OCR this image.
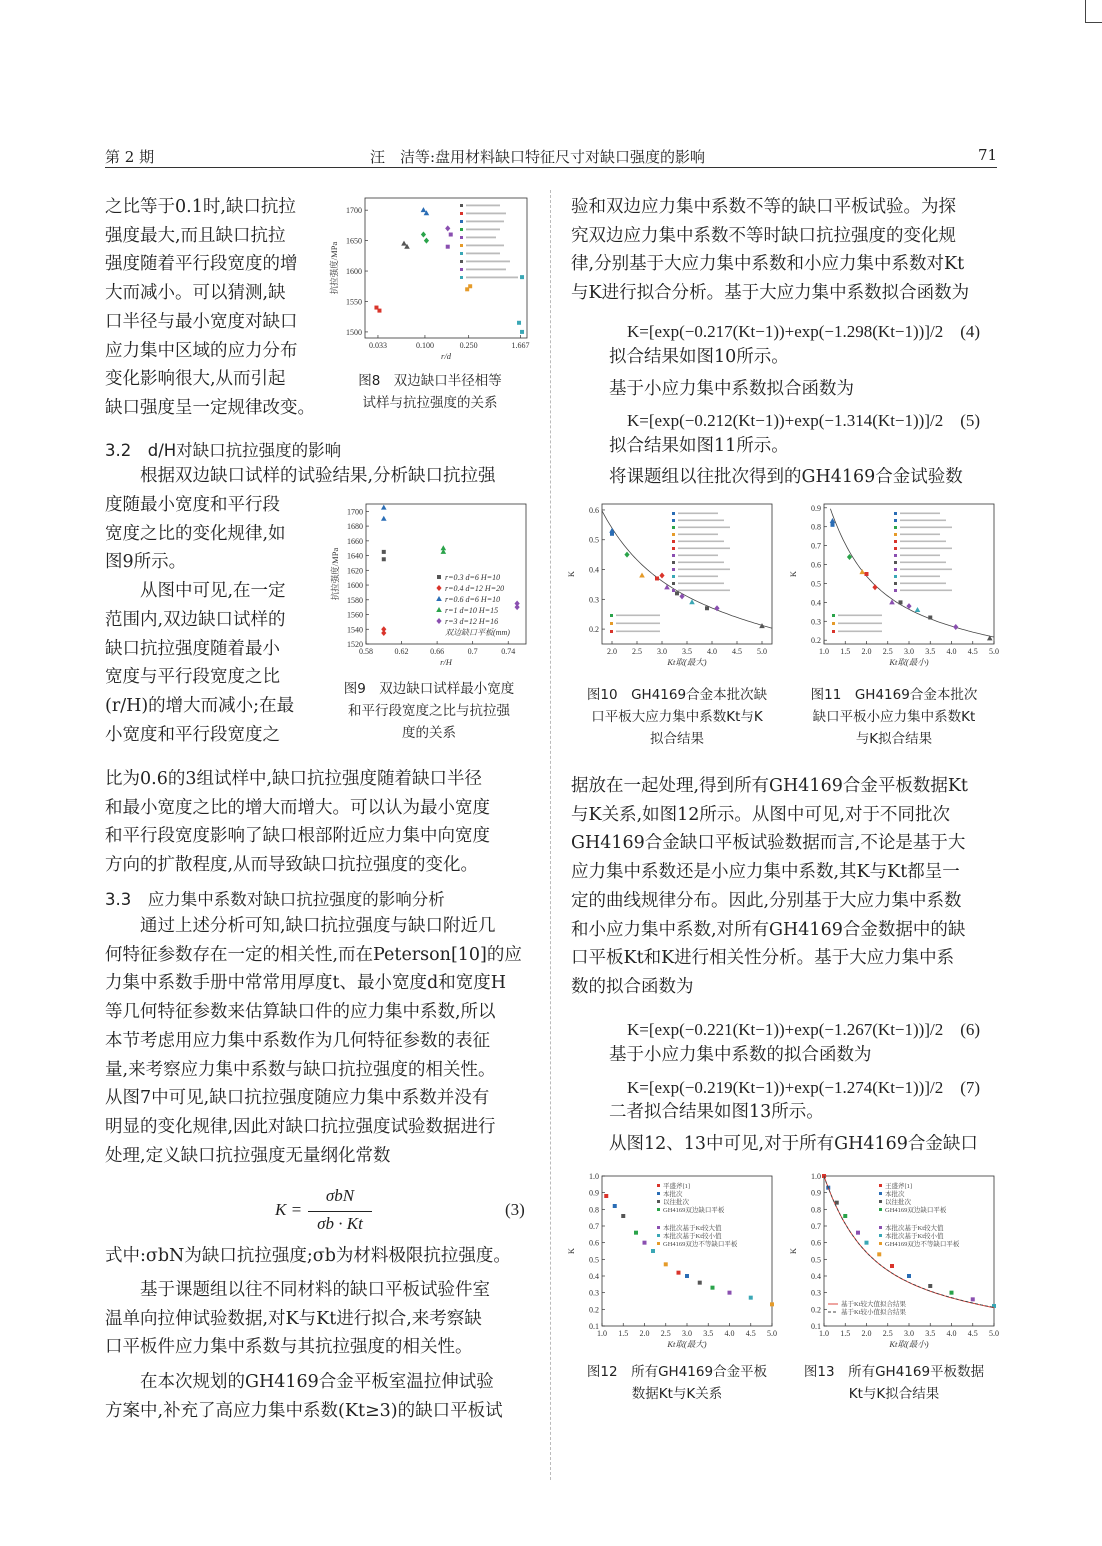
第 2 期	汪　洁等:盘用材料缺口特征尺寸对缺口强度的影响	71
之比等于0.1时,缺口抗拉
强度最大,而且缺口抗拉
强度随着平行段宽度的增
大而减小。可以猜测,缺
口半径与最小宽度对缺口
应力集中区域的应力分布
变化影响很大,从而引起
缺口强度呈一定规律改变。
0.033	0.100	0.250	1.667
1500
1550
1600
1650
1700
r/d
抗拉强度/MPa
图8　双边缺口半径相等
试样与抗拉强度的关系
3.2　d/H对缺口抗拉强度的影响
　　根据双边缺口试样的试验结果,分析缺口抗拉强
度随最小宽度和平行段
宽度之比的变化规律,如
图9所示。
　　从图中可见,在一定
范围内,双边缺口试样的
缺口抗拉强度随着最小
宽度与平行段宽度之比
(r/H)的增大而减小;在最
小宽度和平行段宽度之
0.58	0.62	0.66	0.7	0.74
1520
1540
1560
1580
1600
1620
1640
1660
1680
1700
r/H
抗拉强度/MPa	r=0.3 d=6 H=10
r=0.4 d=12 H=20
r=0.6 d=6 H=10
r=1 d=10 H=15
r=3 d=12 H=16
双边缺口平板(mm)
图9　双边缺口试样最小宽度
和平行段宽度之比与抗拉强
度的关系
比为0.6的3组试样中,缺口抗拉强度随着缺口半径
和最小宽度之比的增大而增大。可以认为最小宽度
和平行段宽度影响了缺口根部附近应力集中向宽度
方向的扩散程度,从而导致缺口抗拉强度的变化。
3.3　应力集中系数对缺口抗拉强度的影响分析
　　通过上述分析可知,缺口抗拉强度与缺口附近几
何特征参数存在一定的相关性,而在Peterson[10]的应
力集中系数手册中常常用厚度t、最小宽度d和宽度H
等几何特征参数来估算缺口件的应力集中系数,所以
本节考虑用应力集中系数作为几何特征参数的表征
量,来考察应力集中系数与缺口抗拉强度的相关性。
从图7中可见,缺口抗拉强度随应力集中系数并没有
明显的变化规律,因此对缺口抗拉强度试验数据进行
处理,定义缺口抗拉强度无量纲化常数
K =
σbN
σb · Kt
(3)
式中:σbN为缺口抗拉强度;σb为材料极限抗拉强度。
　　基于课题组以往不同材料的缺口平板试验件室
温单向拉伸试验数据,对K与Kt进行拟合,来考察缺
口平板件应力集中系数与其抗拉强度的相关性。
　　在本次规划的GH4169合金平板室温拉伸试验
方案中,补充了高应力集中系数(Kt≥3)的缺口平板试
验和双边应力集中系数不等的缺口平板试验。为探
究双边应力集中系数不等时缺口抗拉强度的变化规
律,分别基于大应力集中系数和小应力集中系数对Kt
与K进行拟合分析。基于大应力集中系数拟合函数为
K=[exp(−0.217(Kt−1))+exp(−1.298(Kt−1))]/2　(4)
拟合结果如图10所示。
基于小应力集中系数拟合函数为
K=[exp(−0.212(Kt−1))+exp(−1.314(Kt−1))]/2　(5)
拟合结果如图11所示。
将课题组以往批次得到的GH4169合金试验数
2.0 2.5 3.0 3.5 4.0 4.5 5.0
0.2
0.3
0.4
0.5
0.6
Kt取(最大)
K
图10　GH4169合金本批次缺
口平板大应力集中系数Kt与K
拟合结果
1.0 1.5 2.0 2.5 3.0 3.5 4.0 4.5 5.0
0.2
0.3
0.4
0.5
0.6
0.7
0.8
0.9
Kt取(最小)
K
图11　GH4169合金本批次
缺口平板小应力集中系数Kt
与K拟合结果
据放在一起处理,得到所有GH4169合金平板数据Kt
与K关系,如图12所示。从图中可见,对于不同批次
GH4169合金缺口平板试验数据而言,不论是基于大
应力集中系数还是小应力集中系数,其K与Kt都呈一
定的曲线规律分布。因此,分别基于大应力集中系数
和小应力集中系数,对所有GH4169合金数据中的缺
口平板Kt和K进行相关性分析。基于大应力集中系
数的拟合函数为
K=[exp(−0.221(Kt−1))+exp(−1.267(Kt−1))]/2　(6)
基于小应力集中系数的拟合函数为
K=[exp(−0.219(Kt−1))+exp(−1.274(Kt−1))]/2　(7)
二者拟合结果如图13所示。
从图12、13中可见,对于所有GH4169合金缺口
1.0 1.5 2.0 2.5 3.0 3.5 4.0 4.5 5.0
0.1
0.2
0.3
0.4
0.5
0.6
0.7
0.8
0.9
1.0
Kt取(最大)
K
平盛斧[1]
本批次
以往批次
GH4169双边缺口平板
本批次基于Kt较大值
本批次基于Kt较小值
GH4169双边不等缺口平板
图12　所有GH4169合金平板
数据Kt与K关系
1.0 1.5 2.0 2.5 3.0 3.5 4.0 4.5 5.0
0.1
0.2
0.3
0.4
0.5
0.6
0.7
0.8
0.9
1.0
Kt取(最小)
K
王盛斧[1]
本批次
以往批次
GH4169双边缺口平板
本批次基于Kt较大值
本批次基于Kt较小值
GH4169双边不等缺口平板
基于Kt较大值拟合结果
基于Kt较小值拟合结果
图13　所有GH4169平板数据
Kt与K拟合结果
